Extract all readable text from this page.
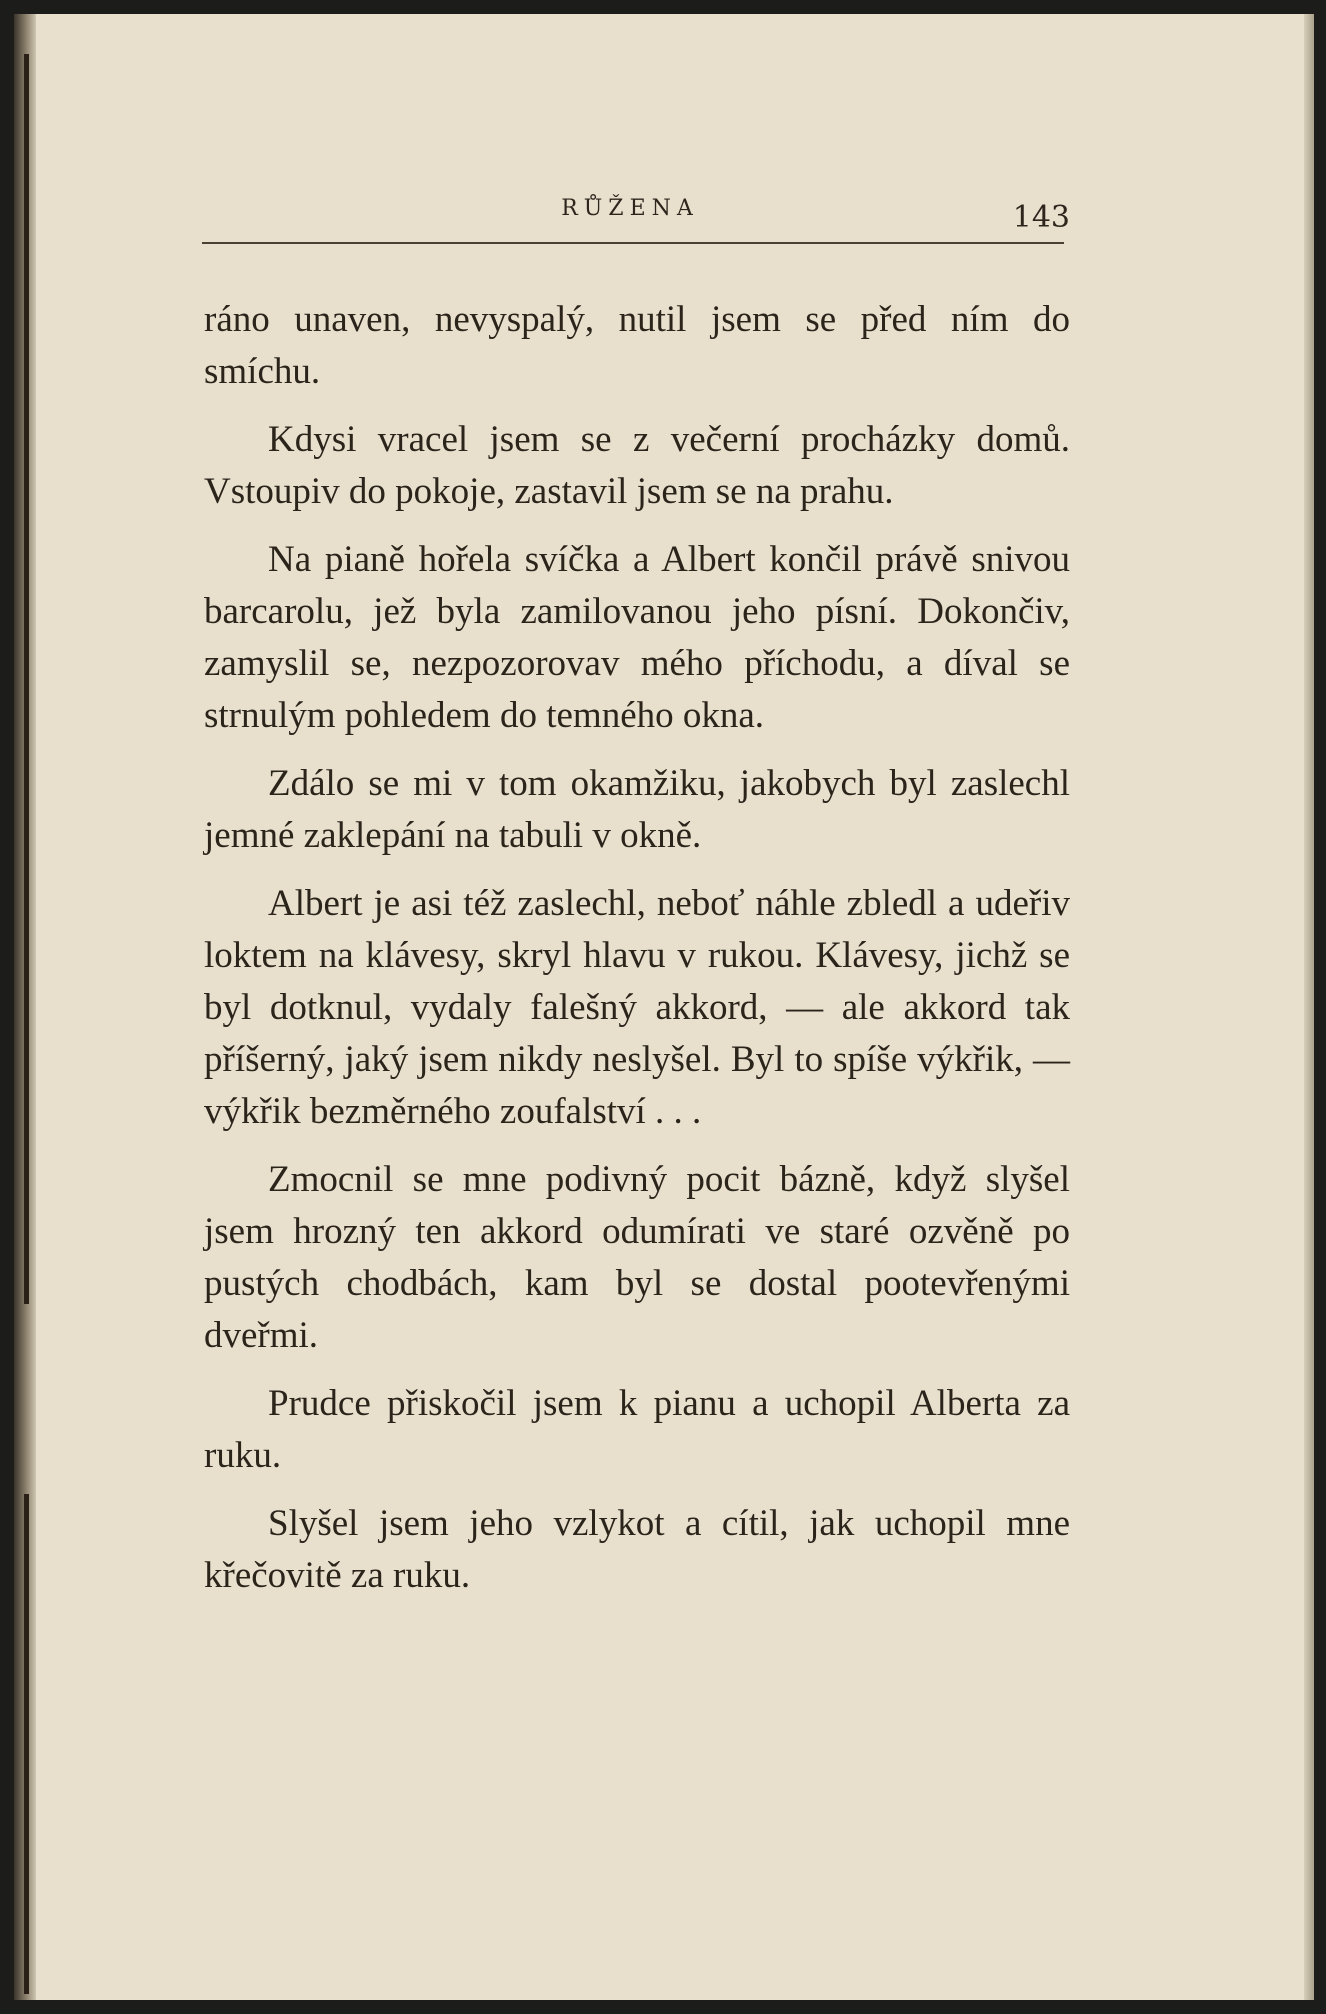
RŮŽENA	143

ráno unaven, nevyspalý, nutil jsem se před ním do smíchu.

Kdysi vracel jsem se z večerní procházky domů. Vstoupiv do pokoje, zastavil jsem se na prahu.

Na pianě hořela svíčka a Albert končil právě snivou barcarolu, jež byla zamilovanou jeho písní. Dokončiv, zamyslil se, nezpozorovav mého příchodu, a díval se strnulým pohledem do temného okna.

Zdálo se mi v tom okamžiku, jakobych byl zaslechl jemné zaklepání na tabuli v okně.

Albert je asi též zaslechl, neboť náhle zbledl a udeřiv loktem na klávesy, skryl hlavu v rukou. Klávesy, jichž se byl dotknul, vydaly falešný akkord, — ale akkord tak příšerný, jaký jsem nikdy neslyšel. Byl to spíše výkřik, — výkřik bezměrného zoufalství . . .

Zmocnil se mne podivný pocit bázně, když slyšel jsem hrozný ten akkord odumírati ve staré ozvěně po pustých chodbách, kam byl se dostal pootevřenými dveřmi.

Prudce přiskočil jsem k pianu a uchopil Alberta za ruku.

Slyšel jsem jeho vzlykot a cítil, jak uchopil mne křečovitě za ruku.
